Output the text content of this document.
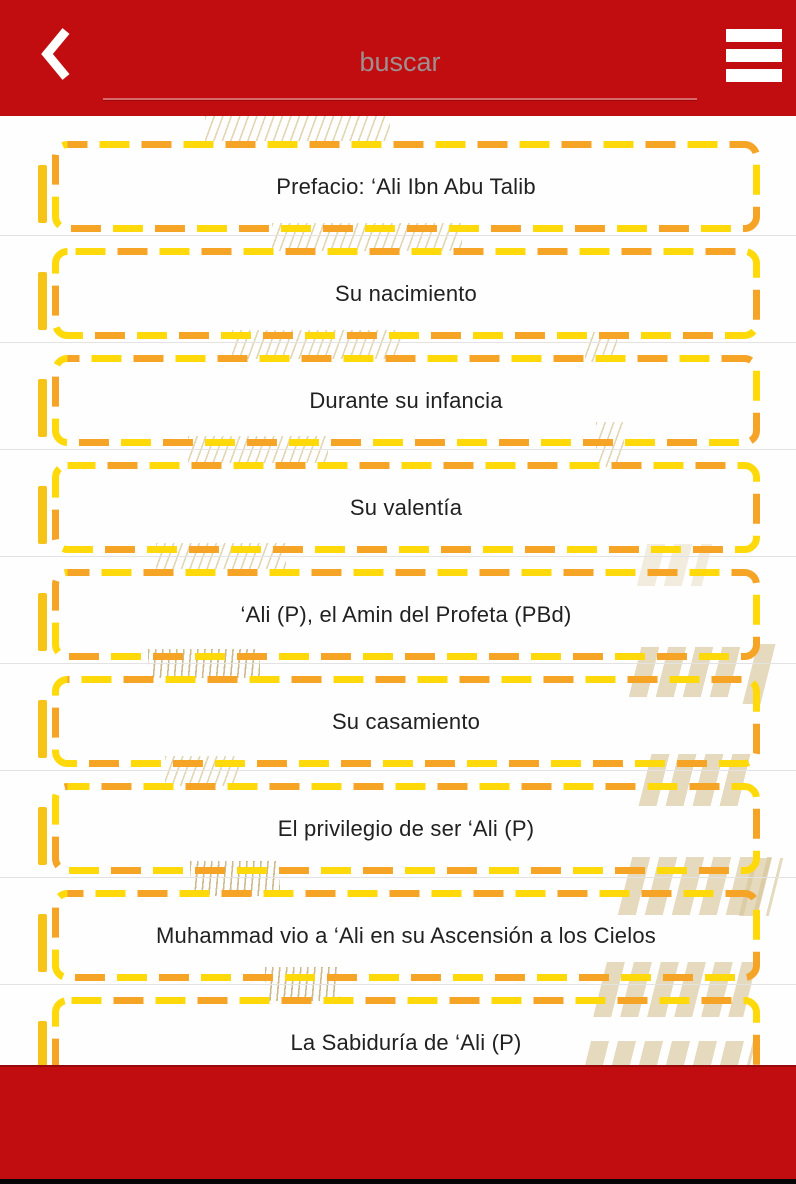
buscar
Prefacio: ‘Ali Ibn Abu Talib
Su nacimiento
Durante su infancia
Su valentía
‘Ali (P), el Amin del Profeta (PBd)
Su casamiento
El privilegio de ser ‘Ali (P)
Muhammad vio a ‘Ali en su Ascensión a los Cielos
La Sabiduría de ‘Ali (P)
